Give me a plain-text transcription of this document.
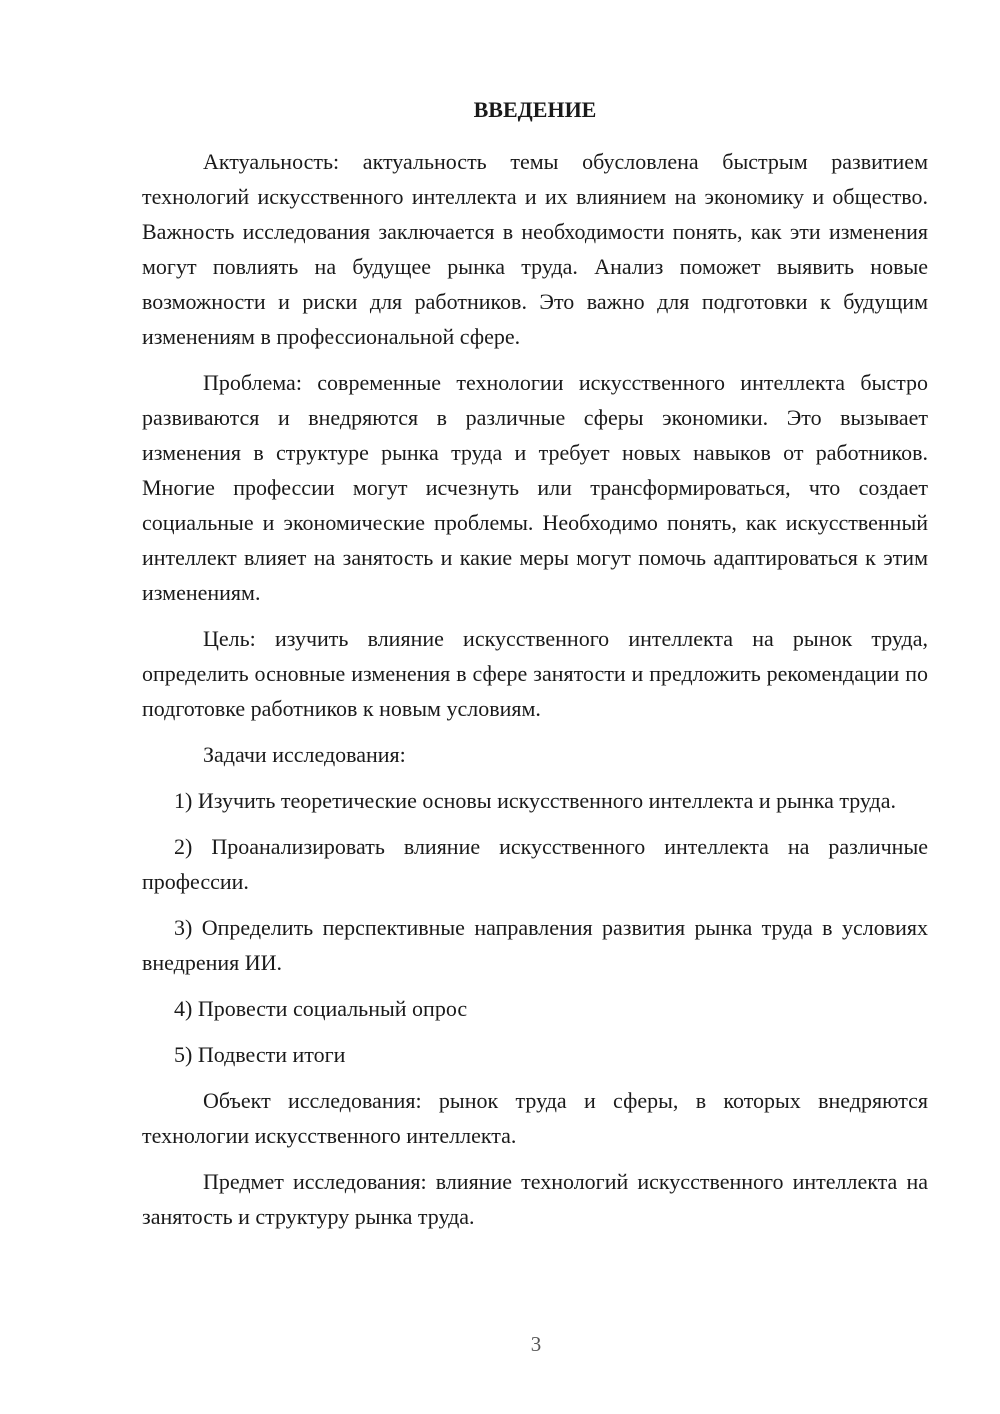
ВВЕДЕНИЕ

Актуальность: актуальность темы обусловлена быстрым развитием технологий искусственного интеллекта и их влиянием на экономику и общество. Важность исследования заключается в необходимости понять, как эти изменения могут повлиять на будущее рынка труда. Анализ поможет выявить новые возможности и риски для работников. Это важно для подготовки к будущим изменениям в профессиональной сфере.

Проблема: современные технологии искусственного интеллекта быстро развиваются и внедряются в различные сферы экономики. Это вызывает изменения в структуре рынка труда и требует новых навыков от работников. Многие профессии могут исчезнуть или трансформироваться, что создает социальные и экономические проблемы. Необходимо понять, как искусственный интеллект влияет на занятость и какие меры могут помочь адаптироваться к этим изменениям.

Цель: изучить влияние искусственного интеллекта на рынок труда, определить основные изменения в сфере занятости и предложить рекомендации по подготовке работников к новым условиям.

Задачи исследования:

1) Изучить теоретические основы искусственного интеллекта и рынка труда.

2) Проанализировать влияние искусственного интеллекта на различные профессии.

3) Определить перспективные направления развития рынка труда в условиях внедрения ИИ.

4) Провести социальный опрос

5) Подвести итоги

Объект исследования: рынок труда и сферы, в которых внедряются технологии искусственного интеллекта.

Предмет исследования: влияние технологий искусственного интеллекта на занятость и структуру рынка труда.

3
